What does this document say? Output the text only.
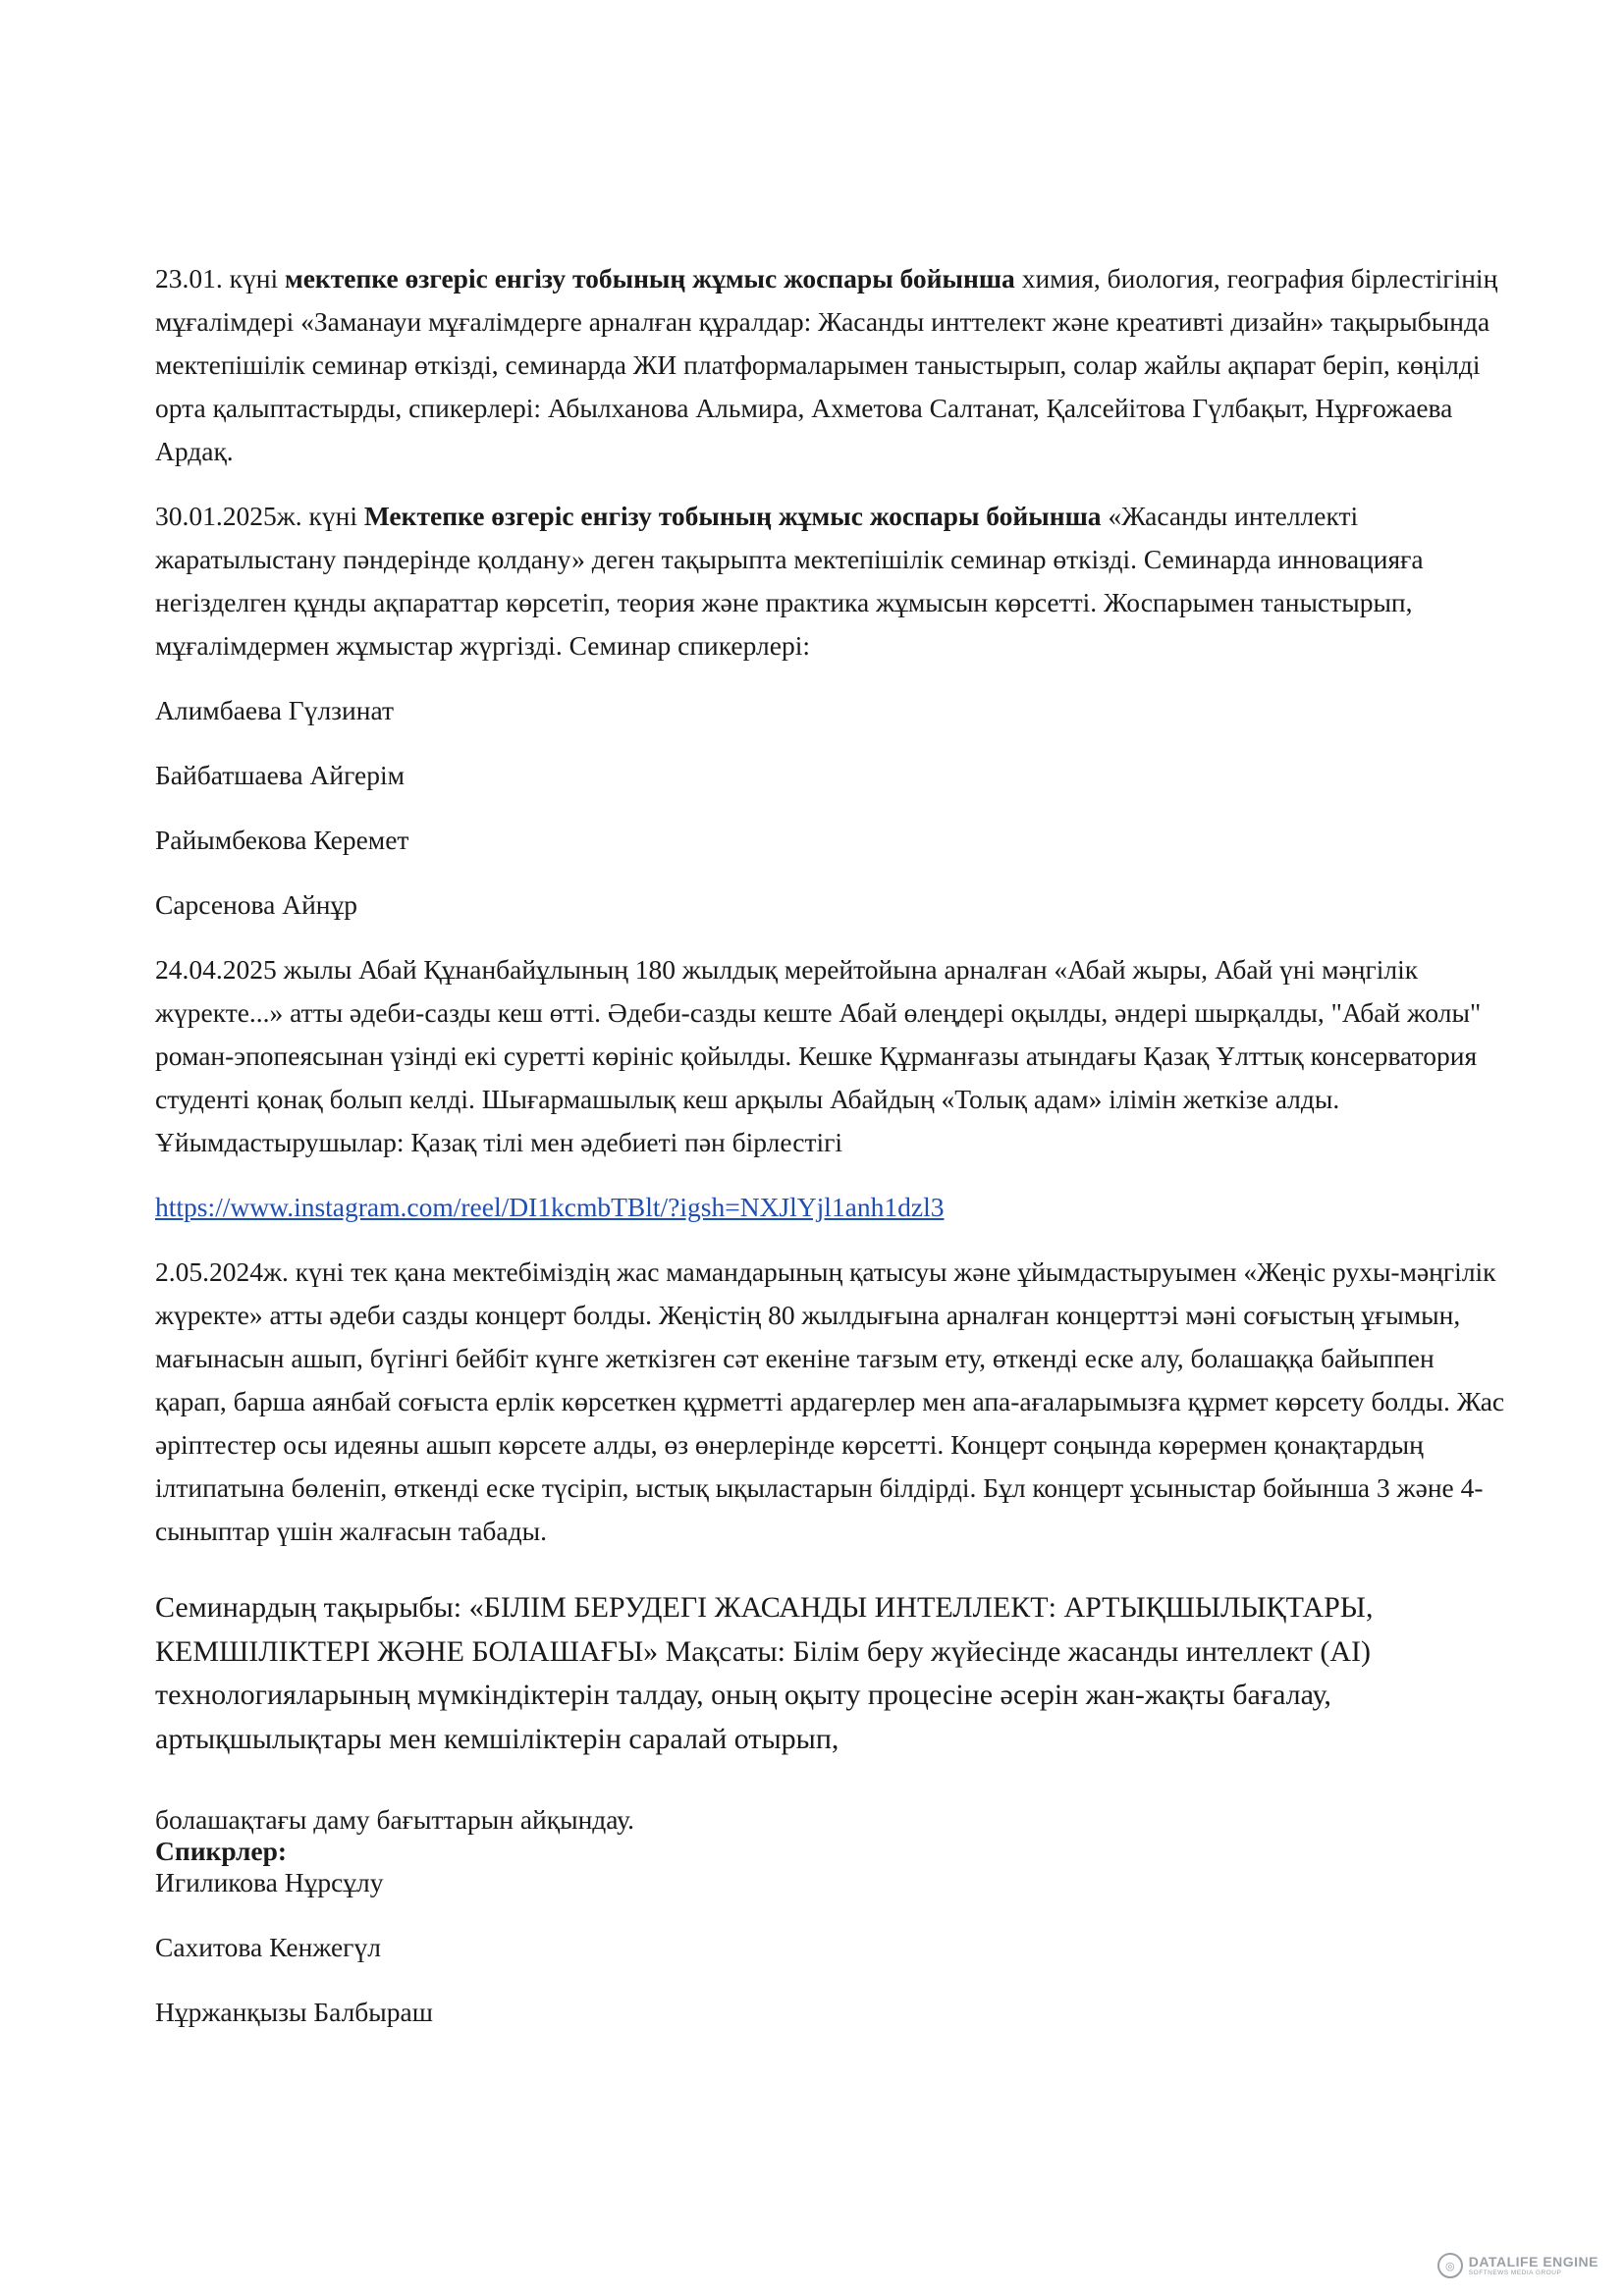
23.01. күні мектепке өзгеріс енгізу тобының жұмыс жоспары бойынша химия, биология, география бірлестігінің мұғалімдері «Заманауи мұғалімдерге арналған құралдар: Жасанды инттелект және креативті дизайн» тақырыбында мектепішілік семинар өткізді, семинарда ЖИ платформаларымен таныстырып, солар жайлы ақпарат беріп, көңілді орта қалыптастырды, спикерлері: Абылханова Альмира, Ахметова Салтанат, Қалсейітова Гүлбақыт, Нұрғожаева Ардақ.

30.01.2025ж. күні Мектепке өзгеріс енгізу тобының жұмыс жоспары бойынша «Жасанды интеллекті жаратылыстану пәндерінде қолдану» деген тақырыпта мектепішілік семинар өткізді. Семинарда инновацияға негізделген құнды ақпараттар көрсетіп, теория және практика жұмысын көрсетті. Жоспарымен таныстырып, мұғалімдермен жұмыстар жүргізді. Семинар спикерлері:

Алимбаева Гүлзинат

Байбатшаева Айгерім

Райымбекова Керемет

Сарсенова Айнұр

24.04.2025 жылы Абай Құнанбайұлының 180 жылдық мерейтойына арналған «Абай жыры, Абай үні мәңгілік жүректе...» атты әдеби-сазды кеш өтті. Әдеби-сазды кеште Абай өлеңдері оқылды, әндері шырқалды, "Абай жолы" роман-эпопеясынан үзінді екі суретті көрініс қойылды. Кешке Құрманғазы атындағы Қазақ Ұлттық консерватория студенті қонақ болып келді. Шығармашылық кеш арқылы Абайдың «Толық адам» ілімін жеткізе алды. Ұйымдастырушылар: Қазақ тілі мен әдебиеті пән бірлестігі

https://www.instagram.com/reel/DI1kcmbTBlt/?igsh=NXJlYjl1anh1dzl3

2.05.2024ж. күні тек қана мектебіміздің жас мамандарының қатысуы және ұйымдастыруымен «Жеңіс рухы-мәңгілік жүректе» атты әдеби сазды концерт болды. Жеңістің 80 жылдығына арналған концерттэі мәні соғыстың ұғымын, мағынасын ашып, бүгінгі бейбіт күнге жеткізген сәт екеніне тағзым ету, өткенді еске алу, болашаққа байыппен қарап, барша аянбай соғыста ерлік көрсеткен құрметті ардагерлер мен апа-ағаларымызға құрмет көрсету болды. Жас әріптестер осы идеяны ашып көрсете алды, өз өнерлерінде көрсетті. Концерт соңында көрермен қонақтардың ілтипатына бөленіп, өткенді еске түсіріп, ыстық ықыластарын білдірді. Бұл концерт ұсыныстар бойынша 3 және 4-сыныптар үшін жалғасын табады.

Семинардың тақырыбы: «БІЛІМ БЕРУДЕГІ ЖАСАНДЫ ИНТЕЛЛЕКТ: АРТЫҚШЫЛЫҚТАРЫ, КЕМШІЛІКТЕРІ ЖӘНЕ БОЛАШАҒЫ» Мақсаты: Білім беру жүйесінде жасанды интеллект (AI) технологияларының мүмкіндіктерін талдау, оның оқыту процесіне әсерін жан-жақты бағалау, артықшылықтары мен кемшіліктерін саралай отырып,

болашақтағы даму бағыттарын айқындау.

Спикрлер:

Игиликова Нұрсұлу

Сахитова Кенжегүл

Нұржанқызы Балбыраш

◎	DATALIFE ENGINE
SOFTNEWS MEDIA GROUP
